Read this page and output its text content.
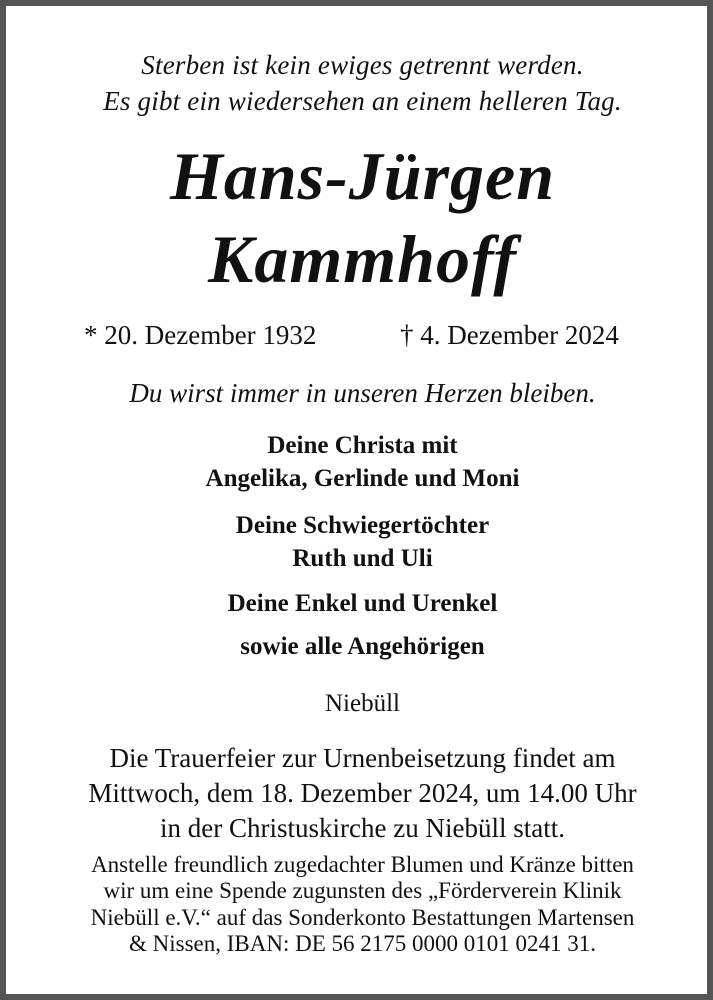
Sterben ist kein ewiges getrennt werden.
Es gibt ein wiedersehen an einem helleren Tag.
Hans-Jürgen
Kammhoff
* 20. Dezember 1932	† 4. Dezember 2024
Du wirst immer in unseren Herzen bleiben.
Deine Christa mit
Angelika, Gerlinde und Moni
Deine Schwiegertöchter
Ruth und Uli
Deine Enkel und Urenkel
sowie alle Angehörigen
Niebüll
Die Trauerfeier zur Urnenbeisetzung findet am
Mittwoch, dem 18. Dezember 2024, um 14.00 Uhr
in der Christuskirche zu Niebüll statt.
Anstelle freundlich zugedachter Blumen und Kränze bitten
wir um eine Spende zugunsten des „Förderverein Klinik
Niebüll e.V.“ auf das Sonderkonto Bestattungen Martensen
& Nissen, IBAN: DE 56 2175 0000 0101 0241 31.
